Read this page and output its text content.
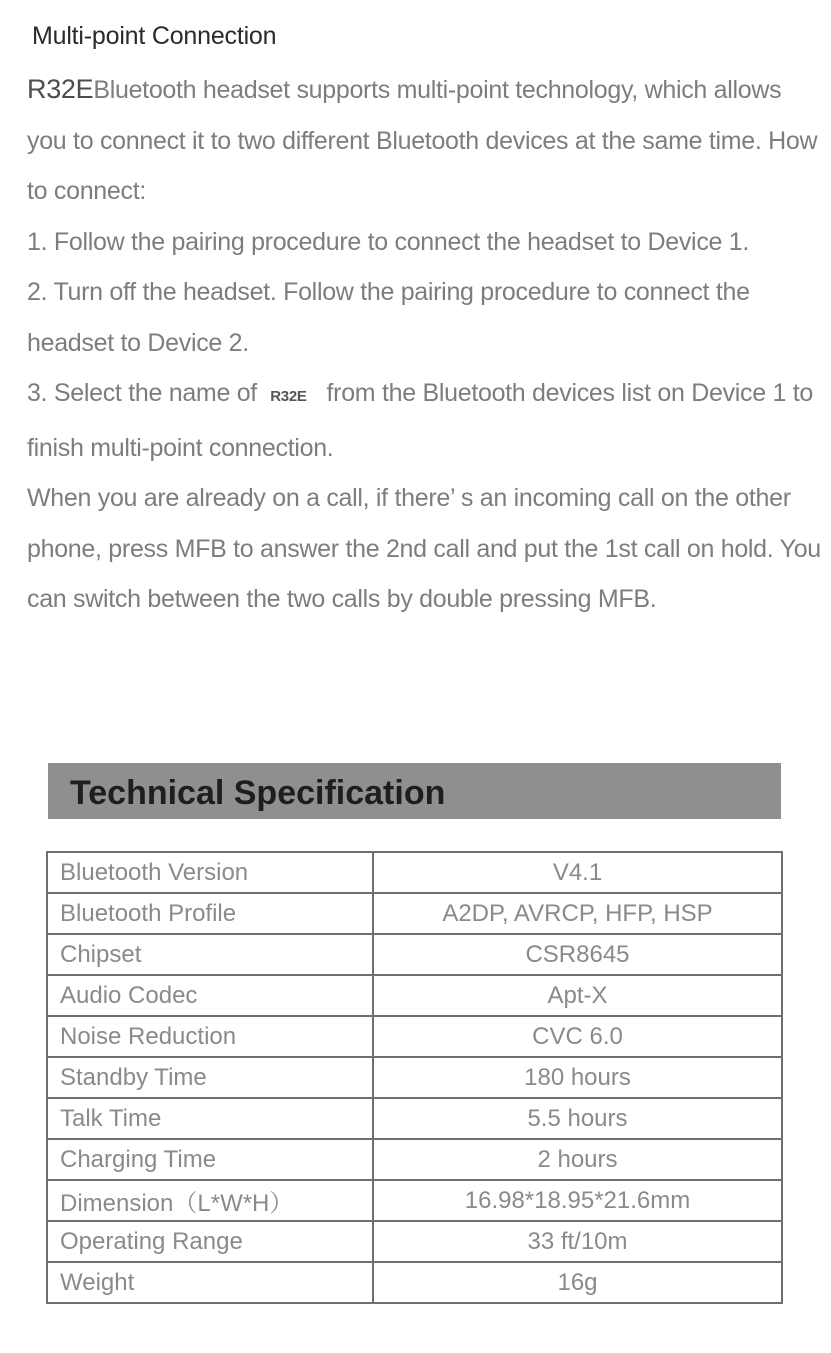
Multi-point Connection

R32EBluetooth headset supports multi-point technology, which allows you to connect it to two different Bluetooth devices at the same time. How to connect:

1. Follow the pairing procedure to connect the headset to Device 1.

2. Turn off the headset. Follow the pairing procedure to connect the headset to Device 2.

3. Select the name of R32E from the Bluetooth devices list on Device 1 to finish multi-point connection.

When you are already on a call, if there’ s an incoming call on the other phone, press MFB to answer the 2nd call and put the 1st call on hold. You can switch between the two calls by double pressing MFB.

Technical Specification
Bluetooth Version	V4.1
Bluetooth Profile	A2DP, AVRCP, HFP, HSP
Chipset	CSR8645
Audio Codec	Apt-X
Noise Reduction	CVC 6.0
Standby Time	180 hours
Talk Time	5.5 hours
Charging Time	2 hours
Dimension（L*W*H）	16.98*18.95*21.6mm
Operating Range	33 ft/10m
Weight	16g
